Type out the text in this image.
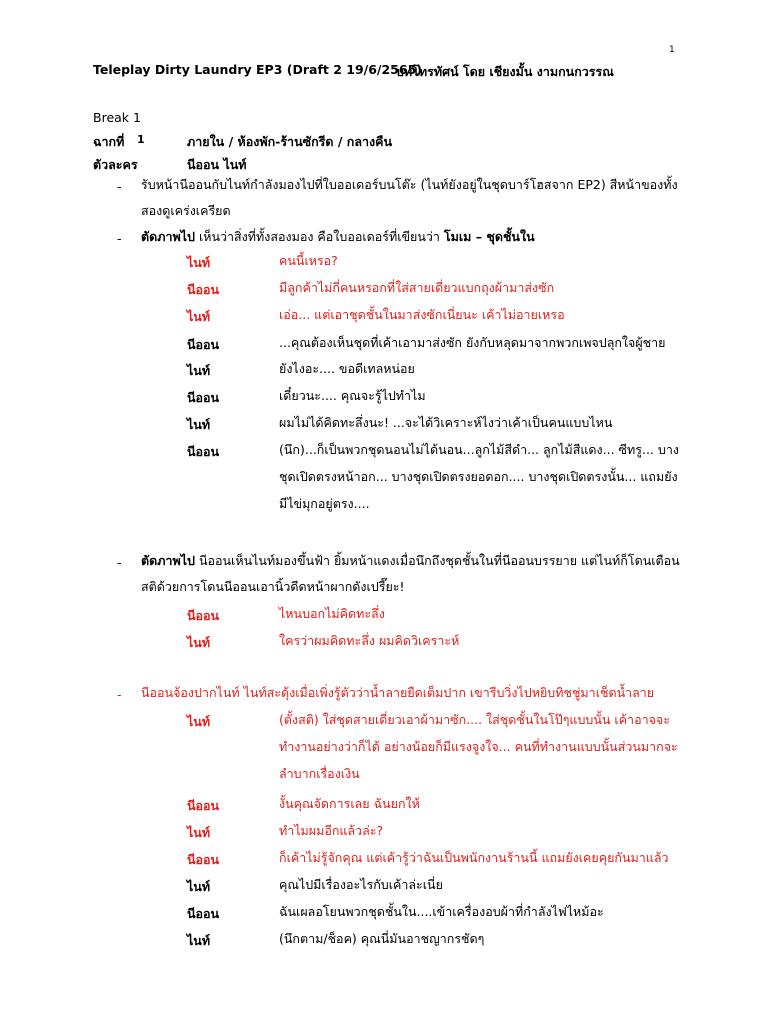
1
Teleplay Dirty Laundry EP3 (Draft 2 19/6/2565)
บทโทรทัศน์ โดย เชียงมั้น งามกนกวรรณ
Break 1
ฉากที่ 1	ภายใน / ห้องพัก-ร้านซักรีด / กลางคืน
ตัวละคร	นีออน ไนท์
- รับหน้านีออนกับไนท์กำลังมองไปที่ใบออเดอร์บนโต๊ะ (ไนท์ยังอยู่ในชุดบาร์โฮสจาก EP2) สีหน้าของทั้งสองดูเคร่งเครียด
- ตัดภาพไป เห็นว่าสิ่งที่ทั้งสองมอง คือใบออเดอร์ที่เขียนว่า โมเม – ชุดชั้นใน
ไนท์	คนนี้เหรอ?
นีออน	มีลูกค้าไม่กี่คนหรอกที่ใส่สายเดี่ยวแบกถุงผ้ามาส่งซัก
ไนท์	เอ่อ... แต่เอาชุดชั้นในมาส่งซักเนี่ยนะ เค้าไม่อายเหรอ
นีออน	...คุณต้องเห็นชุดที่เค้าเอามาส่งซัก ยังกับหลุดมาจากพวกเพจปลุกใจผู้ชาย
ไนท์	ยังไงอะ.... ขอดีเทลหน่อย
นีออน	เดี๋ยวนะ.... คุณจะรู้ไปทำไม
ไนท์	ผมไม่ได้คิดทะลึ่งนะ! ...จะได้วิเคราะห์ไงว่าเค้าเป็นคนแบบไหน
นีออน	(นึก)...ก็เป็นพวกชุดนอนไม่ได้นอน...ลูกไม้สีดำ... ลูกไม้สีแดง... ซีทรู... บางชุดเปิดตรงหน้าอก... บางชุดเปิดตรงยอดอก.... บางชุดเปิดตรงนั้น... แถมยังมีไข่มุกอยู่ตรง....
- ตัดภาพไป นีออนเห็นไนท์มองขึ้นฟ้า ยิ้มหน้าแดงเมื่อนึกถึงชุดชั้นในที่นีออนบรรยาย แต่ไนท์ก็โดนเตือนสติด้วยการโดนนีออนเอานิ้วดีดหน้าผากดังเปรี๊ยะ!
นีออน	ไหนบอกไม่คิดทะลึ่ง
ไนท์	ใครว่าผมคิดทะลึ่ง ผมคิดวิเคราะห์
- นีออนจ้องปากไนท์ ไนท์สะดุ้งเมื่อเพิ่งรู้ตัวว่าน้ำลายยืดเต็มปาก เขารีบวิ่งไปหยิบทิชชู่มาเช็ดน้ำลาย
ไนท์	(ตั้งสติ) ใส่ชุดสายเดี่ยวเอาผ้ามาซัก.... ใส่ชุดชั้นในโป๊ๆแบบนั้น เค้าอาจจะทำงานอย่างว่าก็ได้ อย่างน้อยก็มีแรงจูงใจ... คนที่ทำงานแบบนั้นส่วนมากจะลำบากเรื่องเงิน
นีออน	งั้นคุณจัดการเลย ฉันยกให้
ไนท์	ทำไมผมอีกแล้วล่ะ?
นีออน	ก็เค้าไม่รู้จักคุณ แต่เค้ารู้ว่าฉันเป็นพนักงานร้านนี้ แถมยังเคยคุยกันมาแล้ว
ไนท์	คุณไปมีเรื่องอะไรกับเค้าล่ะเนี่ย
นีออน	ฉันเผลอโยนพวกชุดชั้นใน....เข้าเครื่องอบผ้าที่กำลังไฟไหม้อะ
ไนท์	(นึกตาม/ช็อค) คุณนี่มันอาชญากรชัดๆ
